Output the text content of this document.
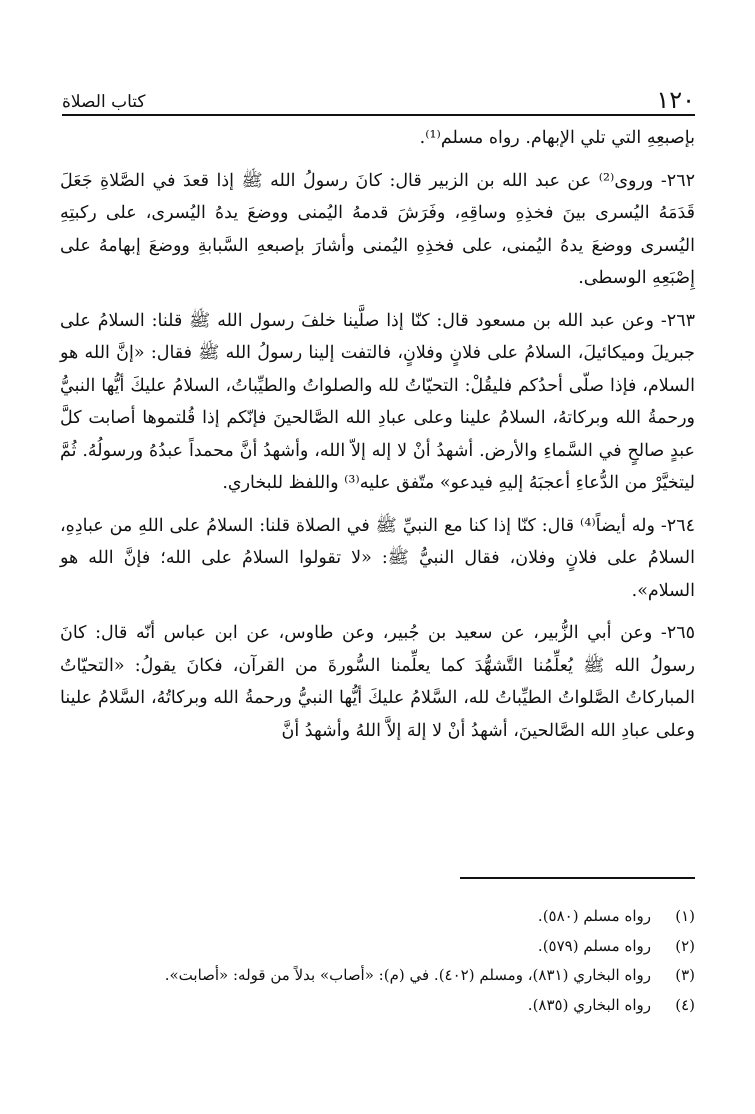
١٢٠
كتاب الصلاة

بإصبعِهِ التي تلي الإبهام. رواه مسلم⁽¹⁾.

٢٦٢- وروى⁽²⁾ عن عبد الله بن الزبير قال: كانَ رسولُ الله ﷺ إذا قعدَ في الصَّلاةِ جَعَلَ قَدَمَهُ اليُسرى بينَ فخذِهِ وساقِهِ، وفَرَشَ قدمهُ اليُمنى ووضعَ يدهُ اليُسرى، على ركبتِهِ اليُسرى ووضعَ يدهُ اليُمنى، على فخذِهِ اليُمنى وأشارَ بإصبعهِ السَّبابةِ ووضعَ إبهامهُ على إِصْبَعِهِ الوسطى.

٢٦٣- وعن عبد الله بن مسعود قال: كنّا إذا صلَّينا خلفَ رسول الله ﷺ قلنا: السلامُ على جبريلَ وميكائيلَ، السلامُ على فلانٍ وفلانٍ، فالتفت إلينا رسولُ الله ﷺ فقال: «إنَّ الله هو السلام، فإذا صلّى أحدُكم فليقُلْ: التحيّاتُ لله والصلواتُ والطيِّباتُ، السلامُ عليكَ أيُّها النبيُّ ورحمةُ الله وبركاتهُ، السلامُ علينا وعلى عبادِ الله الصَّالحينَ فإنّكم إذا قُلتموها أصابت كلَّ عبدٍ صالحٍ في السَّماءِ والأرض. أشهدُ أنْ لا إله إلاّ الله، وأشهدُ أنَّ محمداً عبدُهُ ورسولُهُ. ثُمَّ ليتخيَّرْ من الدُّعاءِ أعجبَهُ إليهِ فيدعو» متّفق عليه⁽³⁾ واللفظ للبخاري.

٢٦٤- وله أيضاً⁽⁴⁾ قال: كنّا إذا كنا مع النبيِّ ﷺ في الصلاة قلنا: السلامُ على اللهِ من عبادِهِ، السلامُ على فلانٍ وفلان، فقال النبيُّ ﷺ: «لا تقولوا السلامُ على الله؛ فإنَّ الله هو السلام».

٢٦٥- وعن أبي الزُّبير، عن سعيد بن جُبير، وعن طاوس، عن ابن عباس أنّه قال: كانَ رسولُ الله ﷺ يُعلِّمُنا التَّشهُّدَ كما يعلِّمنا السُّورةَ من القرآن، فكانَ يقولُ: «التحيّاتُ المباركاتُ الصَّلواتُ الطيِّباتُ لله، السَّلامُ عليكَ أيُّها النبيُّ ورحمةُ الله وبركاتُهُ، السَّلامُ علينا وعلى عبادِ الله الصَّالحينَ، أشهدُ أنْ لا إلهَ إلاَّ اللهُ وأشهدُ أنَّ

(١)
رواه مسلم (٥٨٠).
(٢)
رواه مسلم (٥٧٩).
(٣)
رواه البخاري (٨٣١)، ومسلم (٤٠٢). في (م): «أصاب» بدلاً من قوله: «أصابت».
(٤)
رواه البخاري (٨٣٥).
